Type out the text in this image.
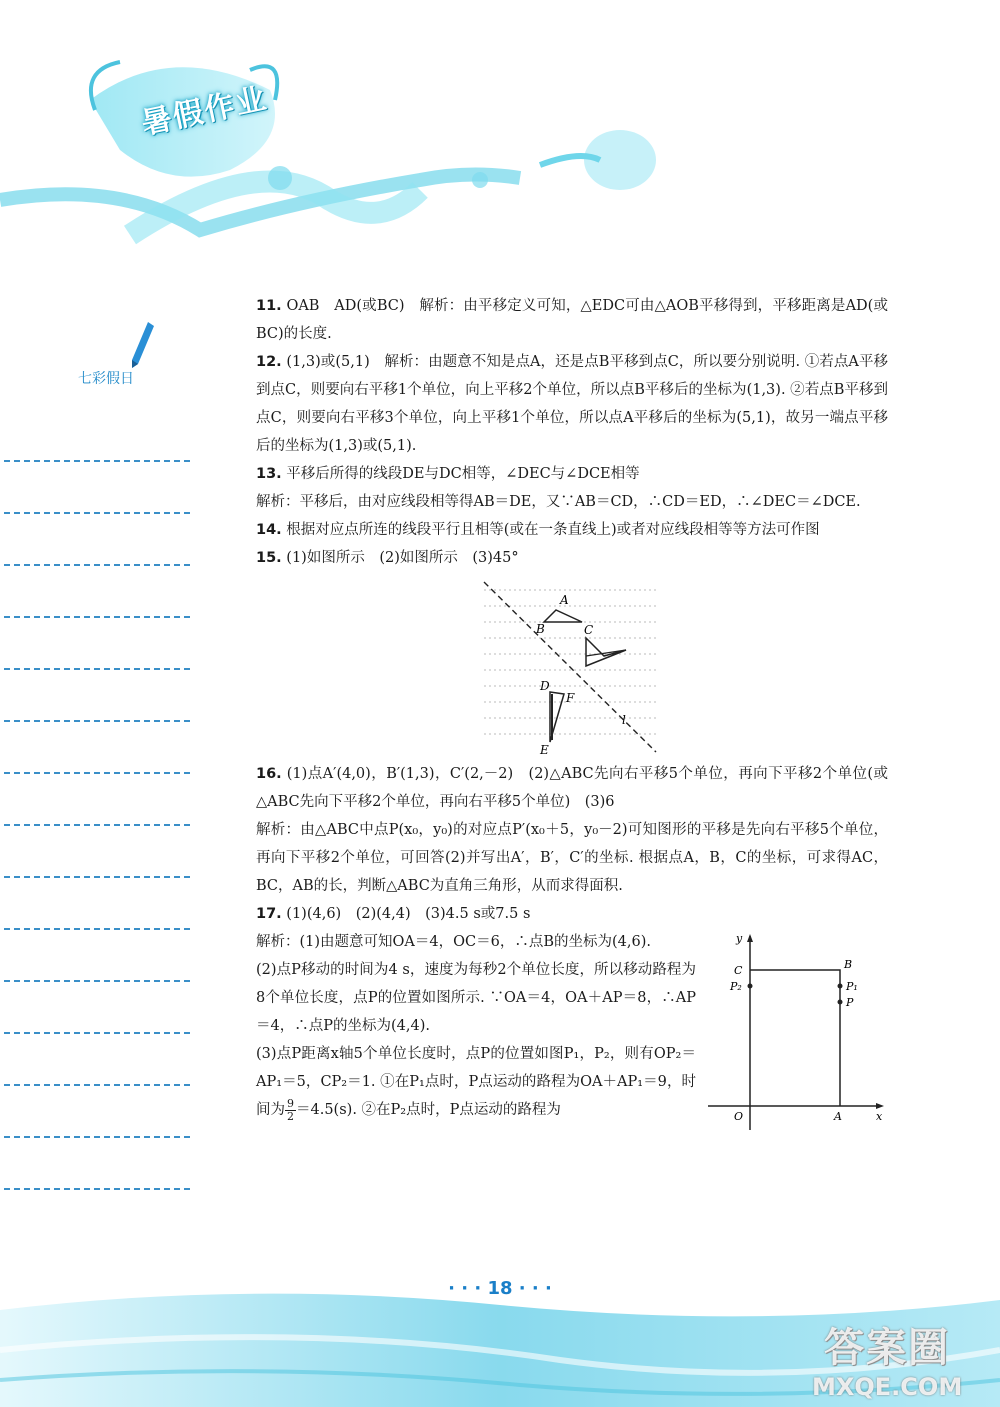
暑假作业
七彩假日

11. OAB　AD(或BC)　解析：由平移定义可知，△EDC可由△AOB平移得到，平移距离是AD(或BC)的长度.

12. (1,3)或(5,1)　解析：由题意不知是点A，还是点B平移到点C，所以要分别说明. ①若点A平移到点C，则要向右平移1个单位，向上平移2个单位，所以点B平移后的坐标为(1,3). ②若点B平移到点C，则要向右平移3个单位，向上平移1个单位，所以点A平移后的坐标为(5,1)，故另一端点平移后的坐标为(1,3)或(5,1).

13. 平移后所得的线段DE与DC相等，∠DEC与∠DCE相等

解析：平移后，由对应线段相等得AB＝DE，又∵AB＝CD，∴CD＝ED，∴∠DEC＝∠DCE.

14. 根据对应点所连的线段平行且相等(或在一条直线上)或者对应线段相等等方法可作图

15. (1)如图所示　(2)如图所示　(3)45°

A
B	C
D
F
E
l

16. (1)点A′(4,0)，B′(1,3)，C′(2,－2)　(2)△ABC先向右平移5个单位，再向下平移2个单位(或△ABC先向下平移2个单位，再向右平移5个单位)　(3)6

解析：由△ABC中点P(x₀，y₀)的对应点P′(x₀＋5，y₀－2)可知图形的平移是先向右平移5个单位，再向下平移2个单位，可回答(2)并写出A′，B′，C′的坐标. 根据点A，B，C的坐标，可求得AC，BC，AB的长，判断△ABC为直角三角形，从而求得面积.

17. (1)(4,6)　(2)(4,4)　(3)4.5 s或7.5 s

解析：(1)由题意可知OA＝4，OC＝6，∴点B的坐标为(4,6).

(2)点P移动的时间为4 s，速度为每秒2个单位长度，所以移动路程为8个单位长度，点P的位置如图所示. ∵OA＝4，OA＋AP＝8，∴AP＝4，∴点P的坐标为(4,4).

(3)点P距离x轴5个单位长度时，点P的位置如图P₁，P₂，则有OP₂＝AP₁＝5，CP₂＝1. ①在P₁点时，P点运动的路程为OA＋AP₁＝9，时间为 $\frac{9}{2} =4.5(s)$. ②在P₂点时，P点运动的路程为

y
x
O	A
B
C
P₂	P₁
P
· · · 18 · · ·
答案圈
MXQE.COM
